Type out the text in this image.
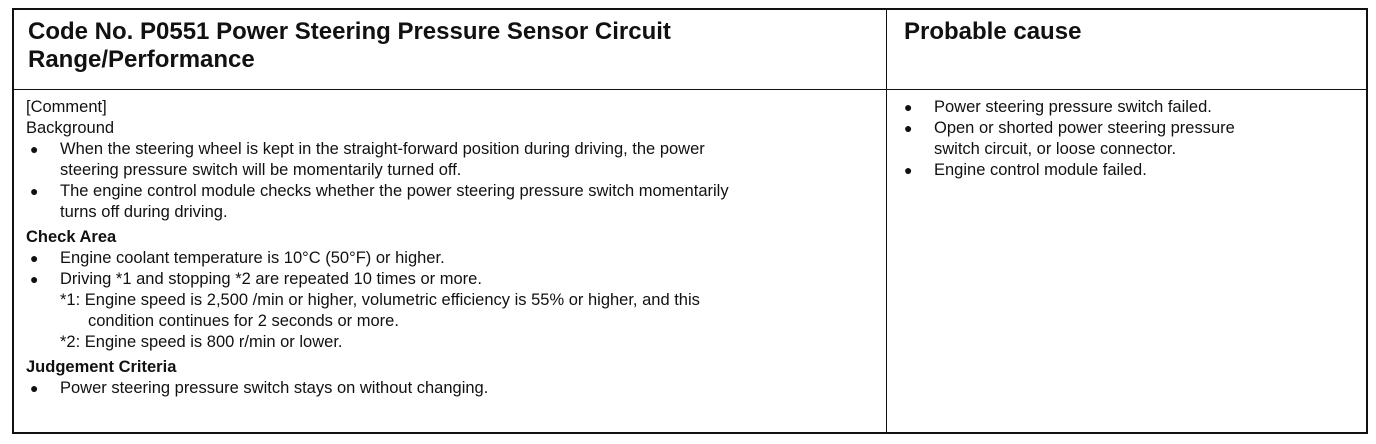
Code No. P0551 Power Steering Pressure Sensor Circuit
Range/Performance
Probable cause
[Comment]
Background
● When the steering wheel is kept in the straight-forward position during driving, the power
steering pressure switch will be momentarily turned off.
● The engine control module checks whether the power steering pressure switch momentarily
turns off during driving.
Check Area
● Engine coolant temperature is 10°C (50°F) or higher.
● Driving *1 and stopping *2 are repeated 10 times or more.
*1: Engine speed is 2,500 /min or higher, volumetric efficiency is 55% or higher, and this
condition continues for 2 seconds or more.
*2: Engine speed is 800 r/min or lower.
Judgement Criteria
● Power steering pressure switch stays on without changing.
● Power steering pressure switch failed.
● Open or shorted power steering pressure
switch circuit, or loose connector.
● Engine control module failed.
